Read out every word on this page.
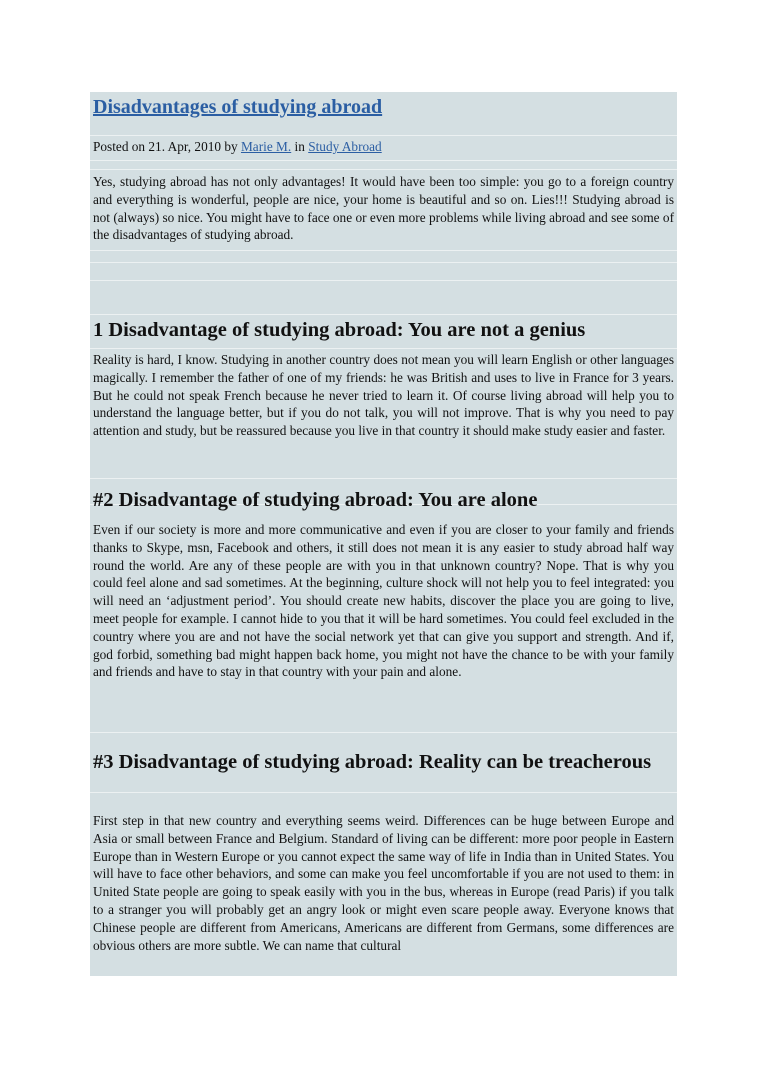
Disadvantages of studying abroad
Posted on 21. Apr, 2010 by Marie M. in Study Abroad
Yes, studying abroad has not only advantages! It would have been too simple: you go to a foreign country and everything is wonderful, people are nice, your home is beautiful and so on. Lies!!! Studying abroad is not (always) so nice. You might have to face one or even more problems while living abroad and see some of the disadvantages of studying abroad.
1 Disadvantage of studying abroad: You are not a genius
Reality is hard, I know. Studying in another country does not mean you will learn English or other languages magically. I remember the father of one of my friends: he was British and uses to live in France for 3 years. But he could not speak French because he never tried to learn it. Of course living abroad will help you to understand the language better, but if you do not talk, you will not improve. That is why you need to pay attention and study, but be reassured because you live in that country it should make study easier and faster.
#2 Disadvantage of studying abroad: You are alone
Even if our society is more and more communicative and even if you are closer to your family and friends thanks to Skype, msn, Facebook and others, it still does not mean it is any easier to study abroad half way round the world. Are any of these people are with you in that unknown country? Nope. That is why you could feel alone and sad sometimes. At the beginning, culture shock will not help you to feel integrated: you will need an ‘adjustment period’. You should create new habits, discover the place you are going to live, meet people for example. I cannot hide to you that it will be hard sometimes. You could feel excluded in the country where you are and not have the social network yet that can give you support and strength. And if, god forbid, something bad might happen back home, you might not have the chance to be with your family and friends and have to stay in that country with your pain and alone.
#3 Disadvantage of studying abroad: Reality can be treacherous
First step in that new country and everything seems weird. Differences can be huge between Europe and Asia or small between France and Belgium. Standard of living can be different: more poor people in Eastern Europe than in Western Europe or you cannot expect the same way of life in India than in United States. You will have to face other behaviors, and some can make you feel uncomfortable if you are not used to them: in United State people are going to speak easily with you in the bus, whereas in Europe (read Paris) if you talk to a stranger you will probably get an angry look or might even scare people away. Everyone knows that Chinese people are different from Americans, Americans are different from Germans, some differences are obvious others are more subtle. We can name that cultural
